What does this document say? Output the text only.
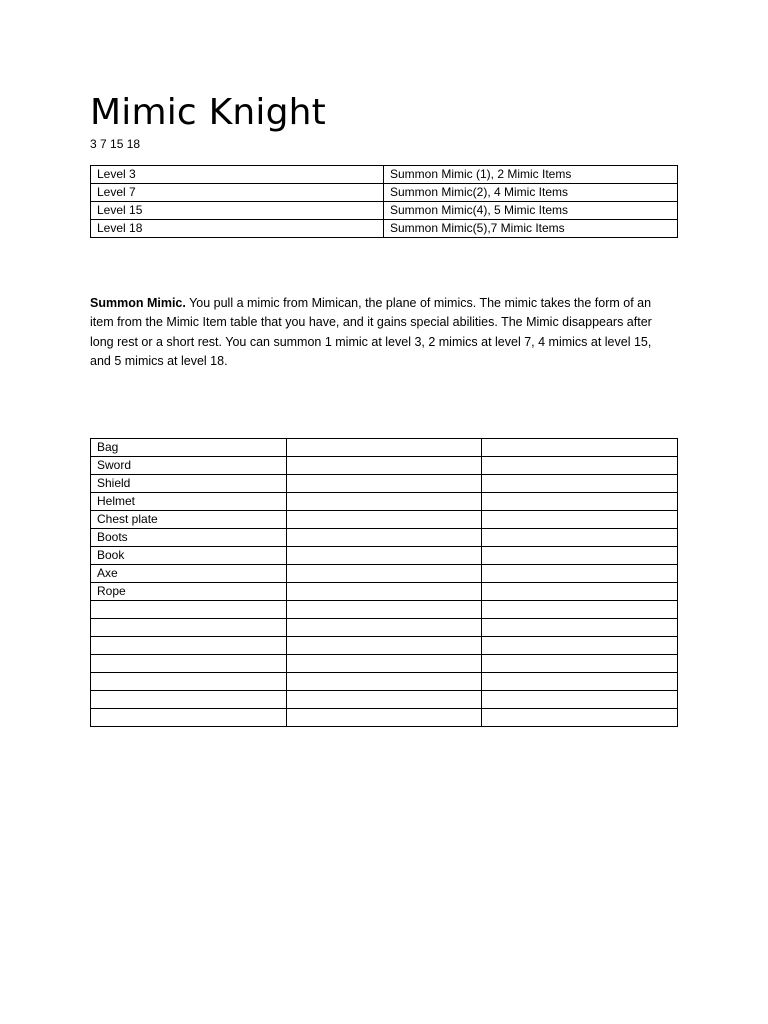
Mimic Knight
3 7 15 18
Level 3	Summon Mimic (1), 2 Mimic Items
Level 7	Summon Mimic(2), 4 Mimic Items
Level 15	Summon Mimic(4), 5 Mimic Items
Level 18	Summon Mimic(5),7 Mimic Items

Summon Mimic. You pull a mimic from Mimican, the plane of mimics. The mimic takes the form of an item from the Mimic Item table that you have, and it gains special abilities. The Mimic disappears after long rest or a short rest. You can summon 1 mimic at level 3, 2 mimics at level 7, 4 mimics at level 15, and 5 mimics at level 18.

Bag		
Sword		
Shield		
Helmet		
Chest plate		
Boots		
Book		
Axe		
Rope		
